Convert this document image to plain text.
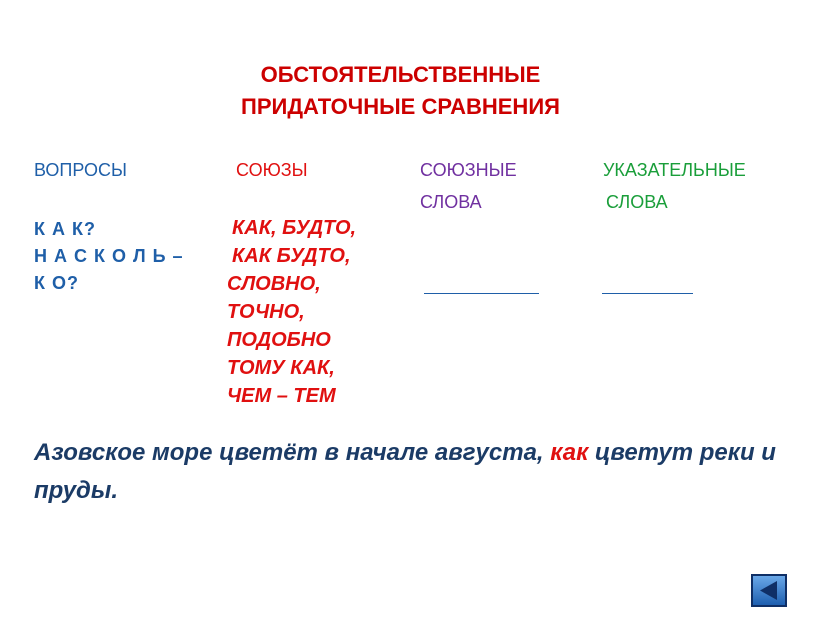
ОБСТОЯТЕЛЬСТВЕННЫЕ
ПРИДАТОЧНЫЕ СРАВНЕНИЯ
ВОПРОСЫ	СОЮЗЫ	СОЮЗНЫЕ
СЛОВА
УКАЗАТЕЛЬНЫЕ
СЛОВА
К А К?
Н А С К О Л Ь –
К О?
КАК, БУДТО,
КАК БУДТО,
СЛОВНО,
ТОЧНО,
ПОДОБНО
ТОМУ КАК,
ЧЕМ – ТЕМ
Азовское море цветёт в начале августа, как цветут реки и пруды.
